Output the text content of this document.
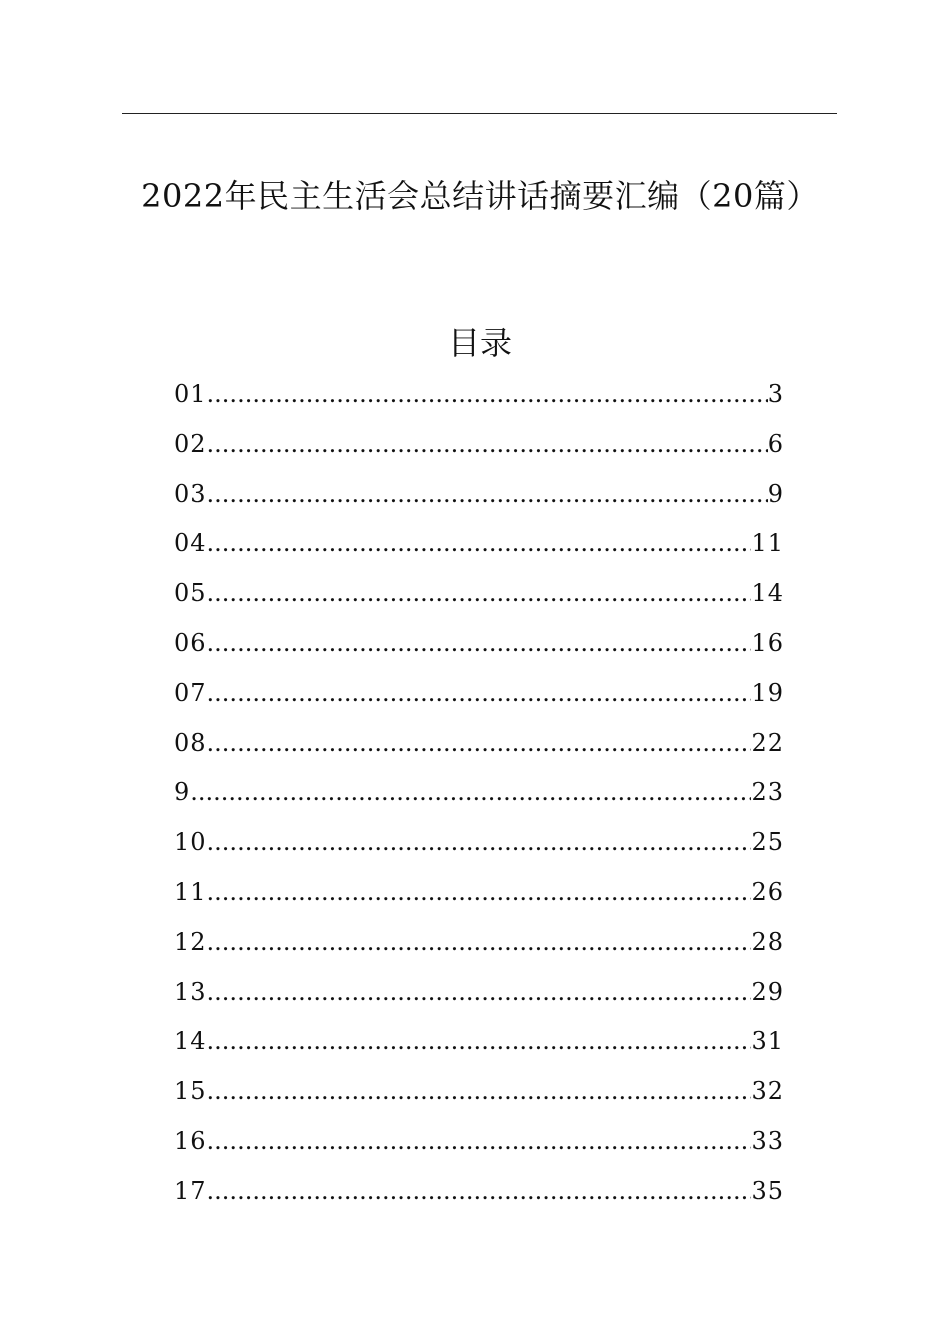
2022年民主生活会总结讲话摘要汇编（20篇）
目录
01 .....	3
02 .....	6
03 .....	9
04 .....	11
05 .....	14
06 .....	16
07 .....	19
08 .....	22
9 .....	23
10 .....	25
11 .....	26
12 .....	28
13 .....	29
14 .....	31
15 .....	32
16 .....	33
17 .....	35
